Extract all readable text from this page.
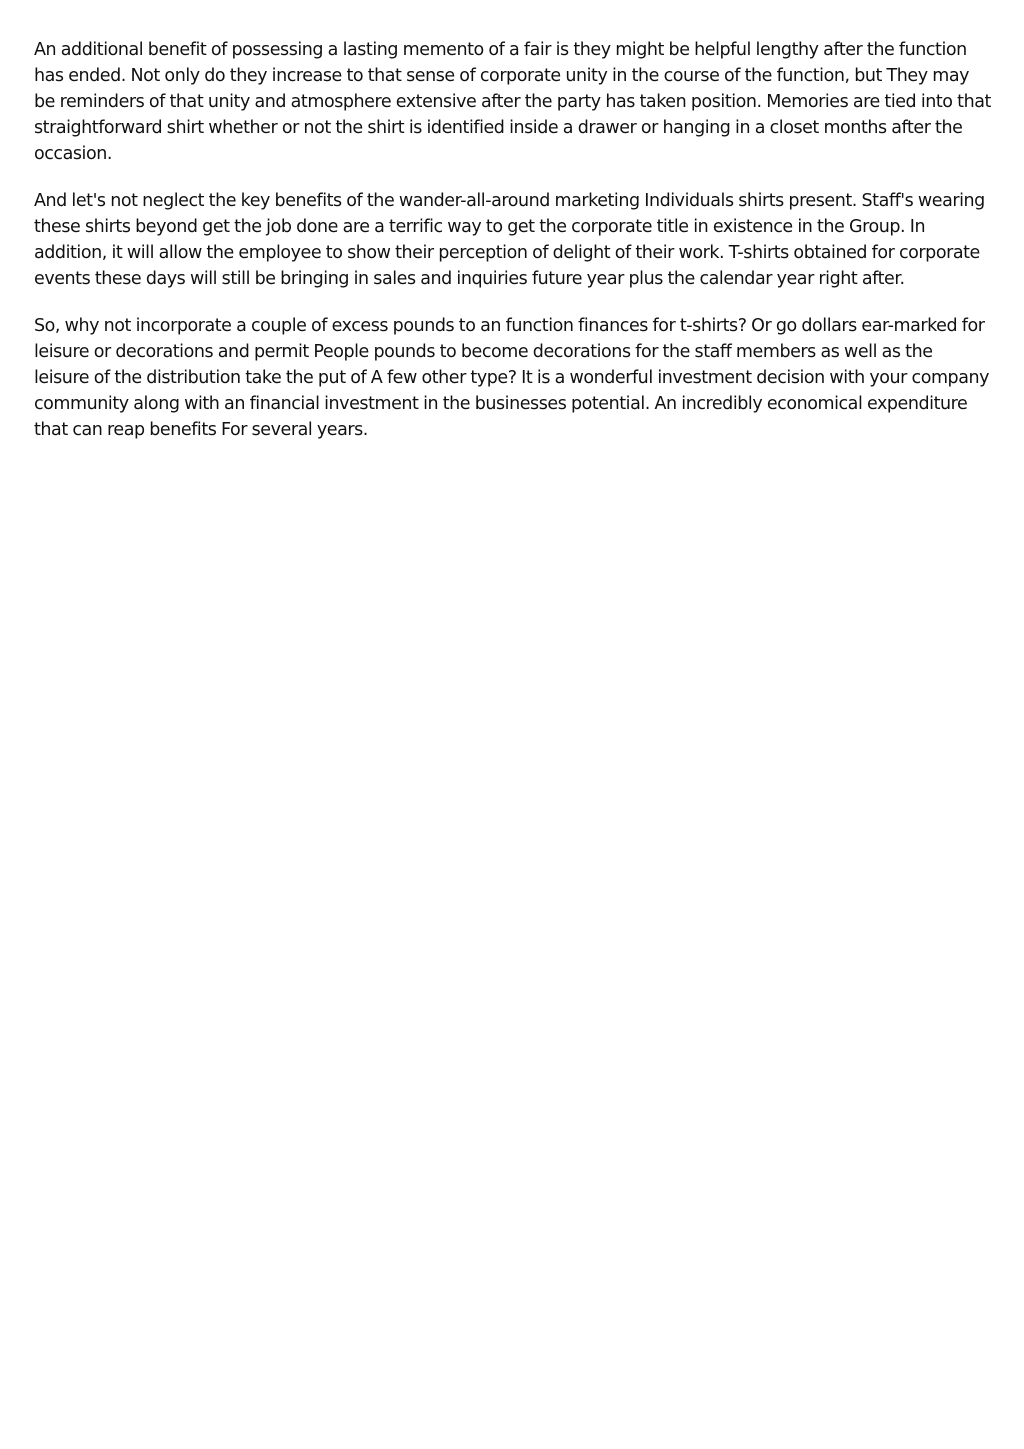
An additional benefit of possessing a lasting memento of a fair is they might be helpful lengthy after the function has ended. Not only do they increase to that sense of corporate unity in the course of the function, but They may be reminders of that unity and atmosphere extensive after the party has taken position. Memories are tied into that straightforward shirt whether or not the shirt is identified inside a drawer or hanging in a closet months after the occasion.

And let's not neglect the key benefits of the wander-all-around marketing Individuals shirts present. Staff's wearing these shirts beyond get the job done are a terrific way to get the corporate title in existence in the Group. In addition, it will allow the employee to show their perception of delight of their work. T-shirts obtained for corporate events these days will still be bringing in sales and inquiries future year plus the calendar year right after.

So, why not incorporate a couple of excess pounds to an function finances for t-shirts? Or go dollars ear-marked for leisure or decorations and permit People pounds to become decorations for the staff members as well as the leisure of the distribution take the put of A few other type? It is a wonderful investment decision with your company community along with an financial investment in the businesses potential. An incredibly economical expenditure that can reap benefits For several years.
